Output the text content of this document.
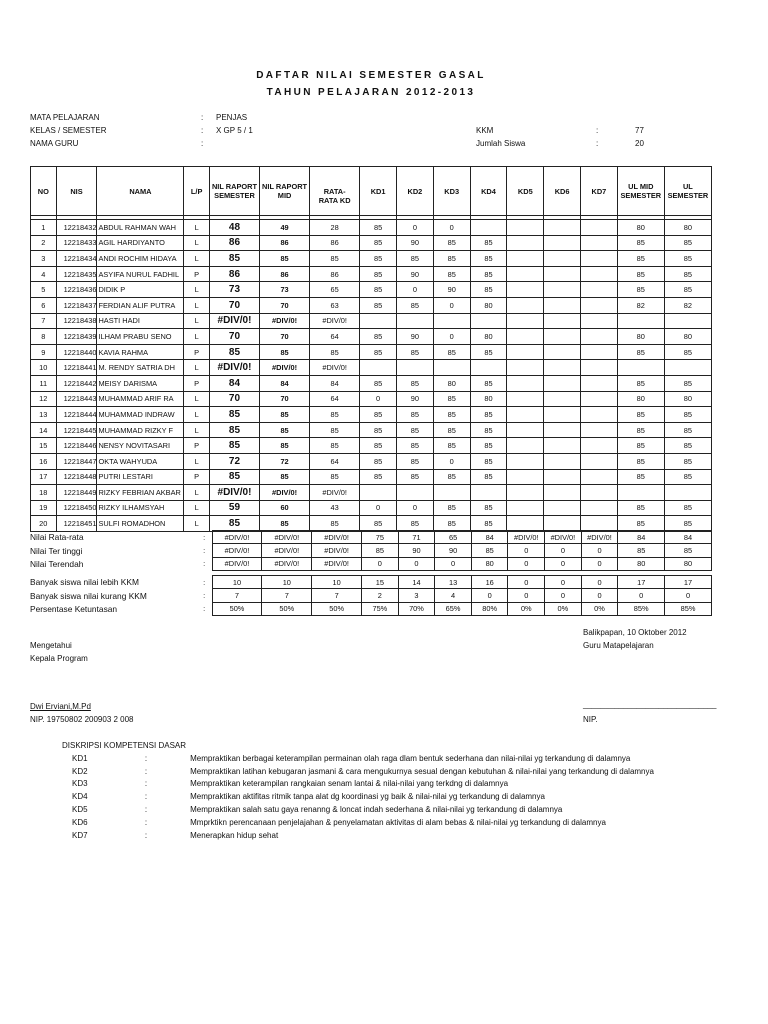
DAFTAR NILAI SEMESTER GASAL
TAHUN PELAJARAN 2012-2013
MATA PELAJARAN	: PENJAS
KELAS / SEMESTER	: X GP 5 / 1	KKM	:	77
NAMA GURU	:	Jumlah Siswa	:	20
NO	NIS	NAMA	L/P	NIL RAPORT SEMESTER	NIL RAPORT MID	RATA-RATA KD	KD1	KD2	KD3	KD4	KD5	KD6	KD7	UL MID SEMESTER	UL SEMESTER

1	12218432	ABDUL RAHMAN WAH	L	48	49	28	85	0	0					80	80
2	12218433	AGIL HARDIYANTO	L	86	86	86	85	90	85	85				85	85
3	12218434	ANDI ROCHIM HIDAYA	L	85	85	85	85	85	85	85				85	85
4	12218435	ASYIFA NURUL FADHIL	P	86	86	86	85	90	85	85				85	85
5	12218436	DIDIK P	L	73	73	65	85	0	90	85				85	85
6	12218437	FERDIAN ALIF PUTRA	L	70	70	63	85	85	0	80				82	82
7	12218438	HASTI HADI	L	#DIV/0!	#DIV/0!	#DIV/0!									
8	12218439	ILHAM PRABU SENO	L	70	70	64	85	90	0	80				80	80
9	12218440	KAVIA RAHMA	P	85	85	85	85	85	85	85				85	85
10	12218441	M. RENDY SATRIA DH	L	#DIV/0!	#DIV/0!	#DIV/0!									
11	12218442	MEISY DARISMA	P	84	84	84	85	85	80	85				85	85
12	12218443	MUHAMMAD ARIF RA	L	70	70	64	0	90	85	80				80	80
13	12218444	MUHAMMAD INDRAW	L	85	85	85	85	85	85	85				85	85
14	12218445	MUHAMMAD RIZKY F	L	85	85	85	85	85	85	85				85	85
15	12218446	NENSY NOVITASARI	P	85	85	85	85	85	85	85				85	85
16	12218447	OKTA WAHYUDA	L	72	72	64	85	85	0	85				85	85
17	12218448	PUTRI LESTARI	P	85	85	85	85	85	85	85				85	85
18	12218449	RIZKY FEBRIAN AKBAR	L	#DIV/0!	#DIV/0!	#DIV/0!									
19	12218450	RIZKY ILHAMSYAH	L	59	60	43	0	0	85	85				85	85
20	12218451	SULFI ROMADHON	L	85	85	85	85	85	85	85				85	85
Nilai Rata-rata	:	#DIV/0!	#DIV/0!	#DIV/0!	75	71	65	84	#DIV/0!	#DIV/0!	#DIV/0!	84	84
Nilai Ter tinggi	:	#DIV/0!	#DIV/0!	#DIV/0!	85	90	90	85	0	0	0	85	85
Nilai Terendah	:	#DIV/0!	#DIV/0!	#DIV/0!	0	0	0	80	0	0	0	80	80
Banyak siswa nilai lebih KKM	:	10	10	10	15	14	13	16	0	0	0	17	17
Banyak siswa nilai kurang KKM	:	7	7	7	2	3	4	0	0	0	0	0	0
Persentase Ketuntasan	:	50%	50%	50%	75%	70%	65%	80%	0%	0%	0%	85%	85%
Balikpapan, 10 Oktober 2012
Guru Matapelajaran
Mengetahui
Kepala Program
Dwi Erviani,M.Pd
NIP. 19750802 200903 2 008
______________________________
NIP.
DISKRIPSI KOMPETENSI DASAR
KD1	:	Mempraktikan berbagai keterampilan permainan olah raga dlam bentuk sederhana dan nilai-nilai yg terkandung di dalamnya
KD2	:	Mempraktikan latihan kebugaran jasmani & cara mengukurnya sesual dengan kebutuhan & nilai-nilai yang terkandung di dalamnya
KD3	:	Mempraktikan keterampilan rangkaian senam lantai & nilai-nilai yang terkdng di dalamnya
KD4	:	Mempraktikan aktifitas ritmik tanpa alat dg koordinasi yg baik & nilai-nilai yg terkandung di dalamnya
KD5	:	Mempraktikan salah satu gaya renanng & loncat indah sederhana & nilai-nilai yg terkandung di dalamnya
KD6	:	Mmprktikn perencanaan penjelajahan & penyelamatan aktivitas di alam bebas & nilai-nilai yg terkandung di dalamnya
KD7	:	Menerapkan hidup sehat
